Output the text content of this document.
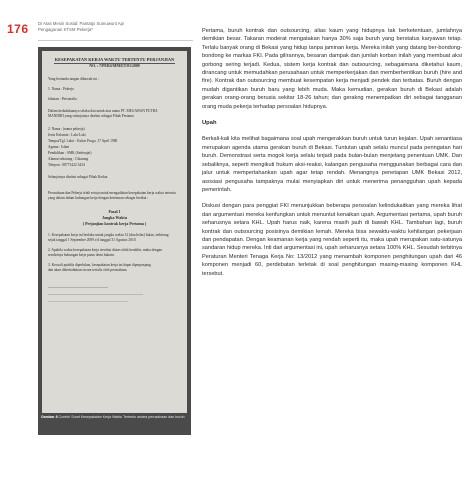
176 Di Atas Mesin Sosial: Pantatjo Sumuwunt Api
Pengagunan KTSM Pekerja*
KESEPAKATAN KERJA WAKTU TERTENTU PERJANJIAN
NO. : 7/PERS/MM/ET/01/2009
Yang bertanda tangan dibawah ini :
1. Nama : Pekerja
Jabatan : Personalia
Dalam kedudukannya selaku dan untuk atas nama PT. MEGAWAN PUTRA
MANDIRI yang selanjutnya disebut sebagai Pihak Pertama
2. Nama : (nama pekerja)
Jenis Kelamin : Laki-Laki
Tempat/Tgl. Lahir : Kulon Progo, 17 April 1980
Agama : Islam
Pendidikan : SMK (Sederajat)
Alamat sekarang : Cikarang
Telepon : 08771422 3434
Selanjutnya disebut sebagai Pihak Kedua
Perusahaan dan Pekerja telah setuju untuk mengadakan kesepakatan kerja waktu tertentu
yang dalam dalam hubungan kerja dengan ketentuan sebagai berikut :
Pasal 1
Jangka Waktu
( Perjanjian kontrak kerja Pertama )
1. Kesepakatan kerja ini berlaku untuk jangka waktu 12 (dua belas) bulan, terhitung
sejak tanggal 1 September 2009 s/d tanggal 31 Agustus 2010.
2. Apabila waktu kesepakatan kerja tersebut diatas telah berakhir, maka dengan
sendirinya hubungan kerja putus demi hukum.
3. Kecuali apabila diperlukan, kesepakatan kerja ini dapat diperpanjang
dan akan diberitahukan secara tertulis oleh perusahaan.
Gambar 8 Contoh Surat Kesepakatan Kerja Waktu Tertentu antara perusahaan dan buruh

Pertama, buruh kontrak dan outsourcing, alias kaum yang hidupnya tak berketentuan, jumlahnya demikian besar. Takaran moderat mengatakan hanya 30% saja buruh yang berstatus karyawan tetap. Terlalu banyak orang di Bekasi yang hidup tanpa jaminan kerja. Mereka inilah yang datang ber-bondong-bondong ke markas FKI. Pada gilirannya, besaran dampak dan jumlah korban inilah yang membuat aksi gorbong sering terjadi. Kedua, sistem kerja kontrak dan outsourcing, sebagaimana diketahui kaum, dirancang untuk memudahkan perusahaan untuk memperkerjakan dan memberhentikan buruh (hire and fire). Kontrak dan outsourcing membuat kesempatan kerja menjadi pendek dan terbatas. Buruh dengan mudah digantikan buruh baru yang lebih muda. Maka kemudian, gerakan buruh di Bekasi adalah gerakan orang-orang berusia sekitar 18-26 tahun; dan gerakng menempatkan diri sebagai tangganan orang muda pekerja terhadap persoalan hidupnya.

Upah

Berkali-kali kita melihat bagaimana soal upah mengerakkan buruh untuk turun kejalan. Upah senantiasa merupakan agenda utama gerakan buruh di Bekasi. Tuntutan upah selalu muncul pada peringatan hari buruh. Demonstrasi serta mogok kerja selalu terjadi pada bulan-bulan menjelang penentuan UMK. Dan sebaliknya, seperti mengikuti hukum aksi-reaksi, kalangan pengusaha menggunakan berbagai cara dan jalur untuk mempertahankan upah agar tetap rendah. Menangnya penetapan UMK Bekasi 2012, asosiasi pengusaha tampaknya mulai menyiapkan diri untuk menerima penangguhan upah kepada pemerintah.

Diskusi dengan para penggiat FKI menunjukkan beberapa persoalan kelindukaitkan yang mereka lihat dan argumentasi mereka kenfungkan untuk menuntut kenaikan upah. Argumentasi pertama, upah buruh seharusnya setara KHL. Upah harus naik, karena masih jauh di bawah KHL. Tambahan lagi, buruh kontrak dan outsourcing posisinya demikian lemah. Mereka bisa sewaktu-waktu kehilangan pekerjaan dan pendapatan. Dengan keamanan kerja yang rendah seperti itu, maka upah merupakan satu-satunya sandaran hidup mereka. Inti dari argumentasi ini, upah seharusnya setara 100% KHL. Sesudah terbitnya Peraturan Menteri Tenaga Kerja No: 13/2012 yang menambah komponen penghitungan upah dari 46 komponen menjadi 60, perdebatan terletak di soal penghitungan masing-masing komponen KHL tersebut.
